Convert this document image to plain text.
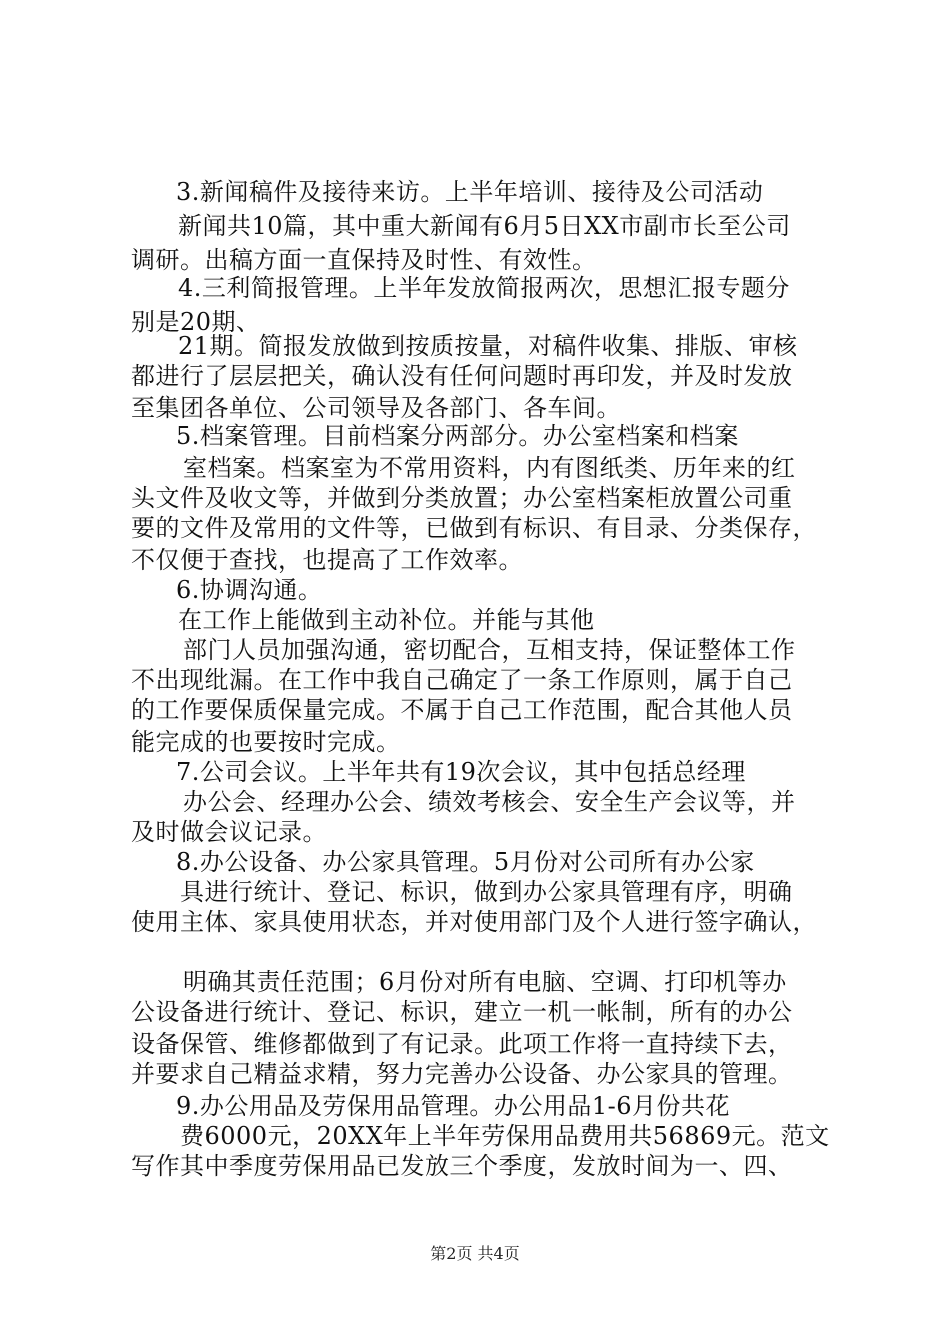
3.新闻稿件及接待来访。上半年培训、接待及公司活动
新闻共10篇，其中重大新闻有6月5日XX市副市长至公司
调研。出稿方面一直保持及时性、有效性。
4.三利简报管理。上半年发放简报两次，思想汇报专题分
别是20期、
21期。简报发放做到按质按量，对稿件收集、排版、审核
都进行了层层把关，确认没有任何问题时再印发，并及时发放
至集团各单位、公司领导及各部门、各车间。
5.档案管理。目前档案分两部分。办公室档案和档案
室档案。档案室为不常用资料，内有图纸类、历年来的红
头文件及收文等，并做到分类放置；办公室档案柜放置公司重
要的文件及常用的文件等，已做到有标识、有目录、分类保存，
不仅便于查找，也提高了工作效率。
6.协调沟通。
在工作上能做到主动补位。并能与其他
部门人员加强沟通，密切配合，互相支持，保证整体工作
不出现纰漏。在工作中我自己确定了一条工作原则，属于自己
的工作要保质保量完成。不属于自己工作范围，配合其他人员
能完成的也要按时完成。
7.公司会议。上半年共有19次会议，其中包括总经理
办公会、经理办公会、绩效考核会、安全生产会议等，并
及时做会议记录。
8.办公设备、办公家具管理。5月份对公司所有办公家
具进行统计、登记、标识，做到办公家具管理有序，明确
使用主体、家具使用状态，并对使用部门及个人进行签字确认，
明确其责任范围；6月份对所有电脑、空调、打印机等办
公设备进行统计、登记、标识，建立一机一帐制，所有的办公
设备保管、维修都做到了有记录。此项工作将一直持续下去，
并要求自己精益求精，努力完善办公设备、办公家具的管理。
9.办公用品及劳保用品管理。办公用品1-6月份共花
费6000元，20XX年上半年劳保用品费用共56869元。范文
写作其中季度劳保用品已发放三个季度，发放时间为一、四、
第2页 共4页
